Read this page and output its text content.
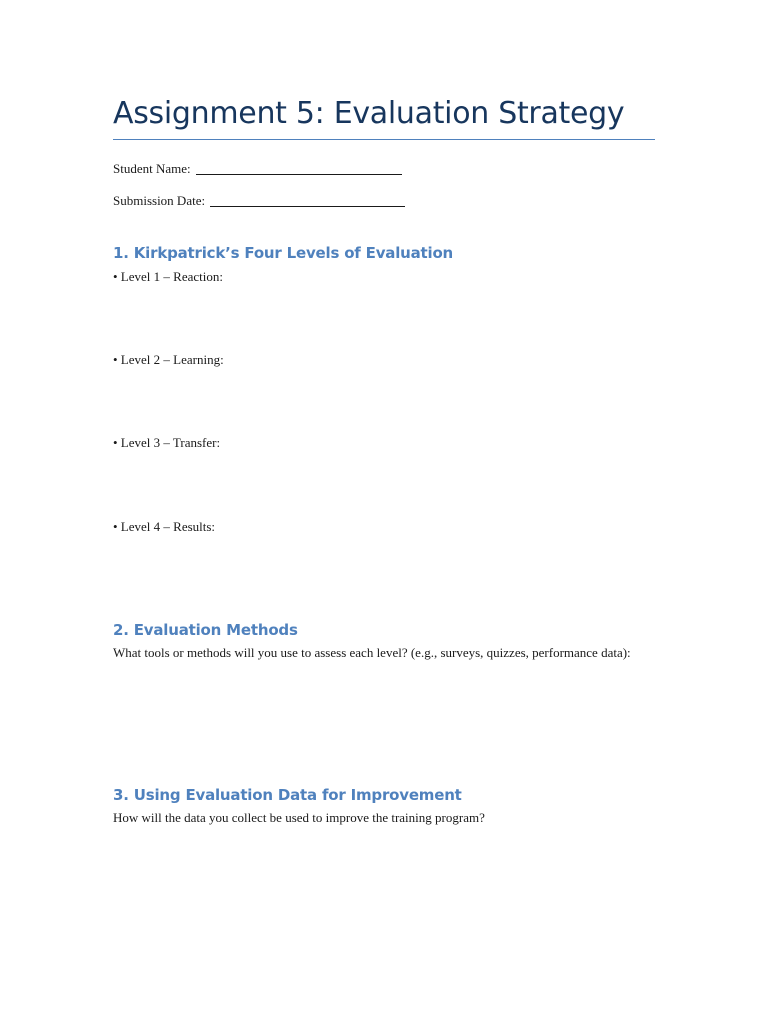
Assignment 5: Evaluation Strategy
Student Name:
Submission Date:
1. Kirkpatrick’s Four Levels of Evaluation
• Level 1 – Reaction:
• Level 2 – Learning:
• Level 3 – Transfer:
• Level 4 – Results:
2. Evaluation Methods
What tools or methods will you use to assess each level? (e.g., surveys, quizzes, performance data):
3. Using Evaluation Data for Improvement
How will the data you collect be used to improve the training program?
